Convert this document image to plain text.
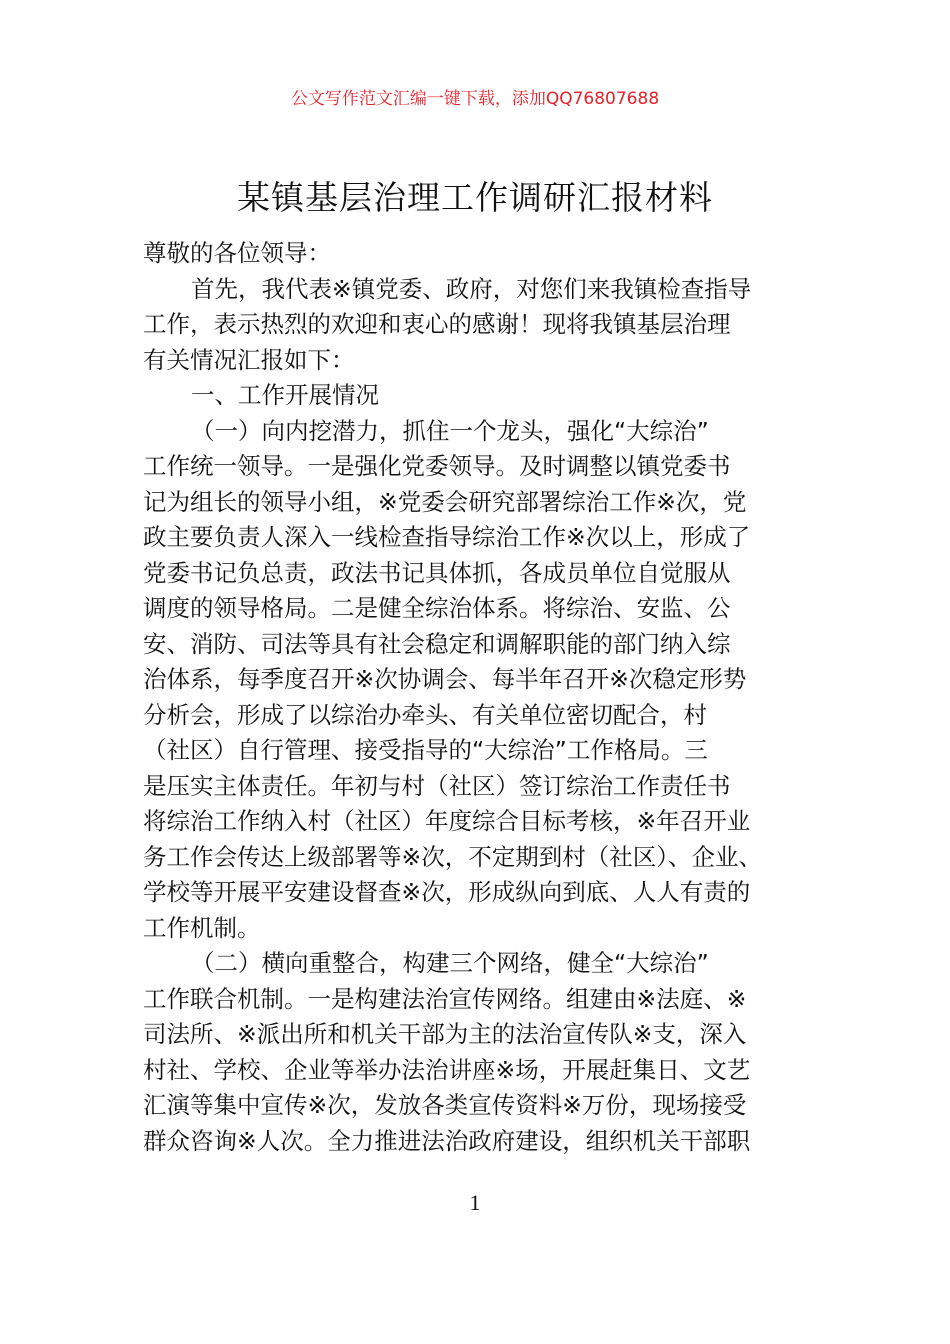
公文写作范文汇编一键下载，添加QQ76807688
某镇基层治理工作调研汇报材料
尊敬的各位领导：
首先，我代表※镇党委、政府，对您们来我镇检查指导
工作，表示热烈的欢迎和衷心的感谢！现将我镇基层治理
有关情况汇报如下：
一、工作开展情况
（一）向内挖潜力，抓住一个龙头，强化“大综治”
工作统一领导。一是强化党委领导。及时调整以镇党委书
记为组长的领导小组，※党委会研究部署综治工作※次，党
政主要负责人深入一线检查指导综治工作※次以上，形成了
党委书记负总责，政法书记具体抓，各成员单位自觉服从
调度的领导格局。二是健全综治体系。将综治、安监、公
安、消防、司法等具有社会稳定和调解职能的部门纳入综
治体系，每季度召开※次协调会、每半年召开※次稳定形势
分析会，形成了以综治办牵头、有关单位密切配合，村
（社区）自行管理、接受指导的“大综治”工作格局。三
是压实主体责任。年初与村（社区）签订综治工作责任书
将综治工作纳入村（社区）年度综合目标考核，※年召开业
务工作会传达上级部署等※次，不定期到村（社区）、企业、
学校等开展平安建设督查※次，形成纵向到底、人人有责的
工作机制。
（二）横向重整合，构建三个网络，健全“大综治”
工作联合机制。一是构建法治宣传网络。组建由※法庭、※
司法所、※派出所和机关干部为主的法治宣传队※支，深入
村社、学校、企业等举办法治讲座※场，开展赶集日、文艺
汇演等集中宣传※次，发放各类宣传资料※万份，现场接受
群众咨询※人次。全力推进法治政府建设，组织机关干部职
1
